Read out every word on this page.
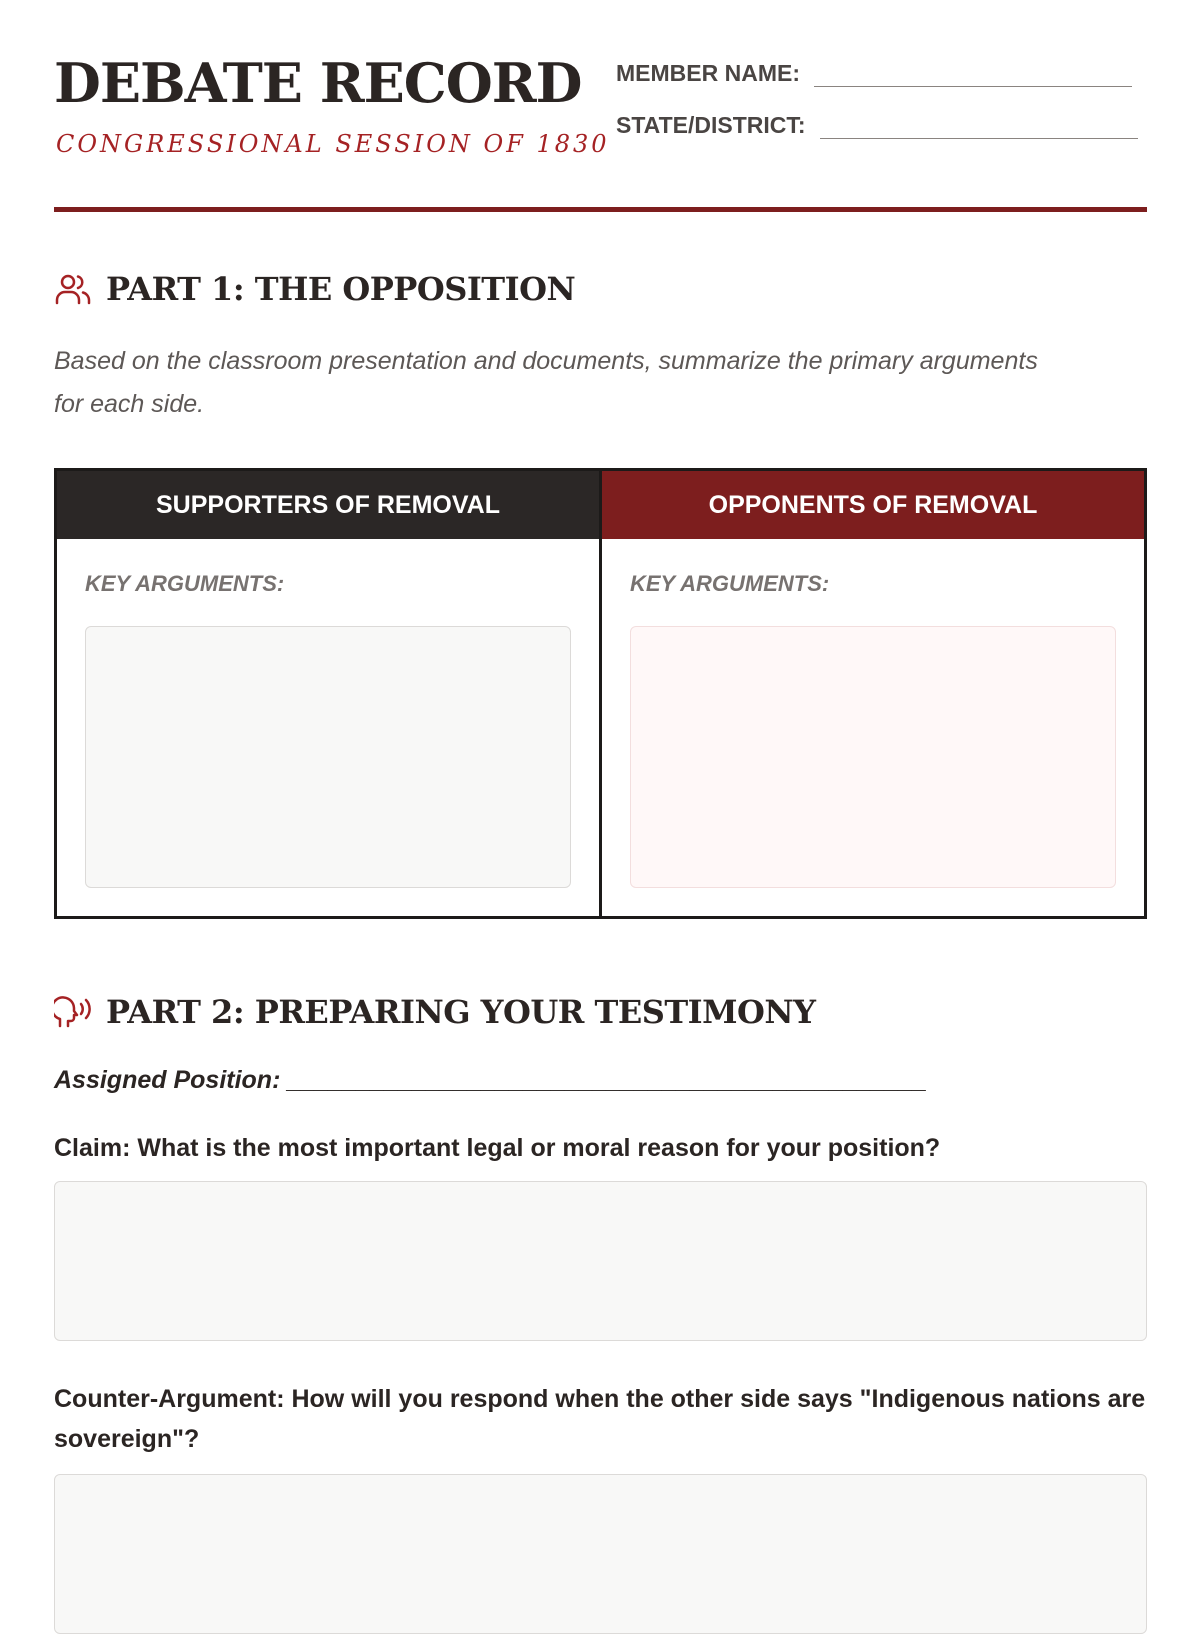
DEBATE RECORD
CONGRESSIONAL SESSION OF 1830
MEMBER NAME:
STATE/DISTRICT:
PART 1: THE OPPOSITION

Based on the classroom presentation and documents, summarize the primary arguments for each side.

SUPPORTERS OF REMOVAL
KEY ARGUMENTS:
OPPONENTS OF REMOVAL
KEY ARGUMENTS:
PART 2: PREPARING YOUR TESTIMONY
Assigned Position: ______________________________________________

Claim: What is the most important legal or moral reason for your position?

Counter-Argument: How will you respond when the other side says "Indigenous nations are sovereign"?
